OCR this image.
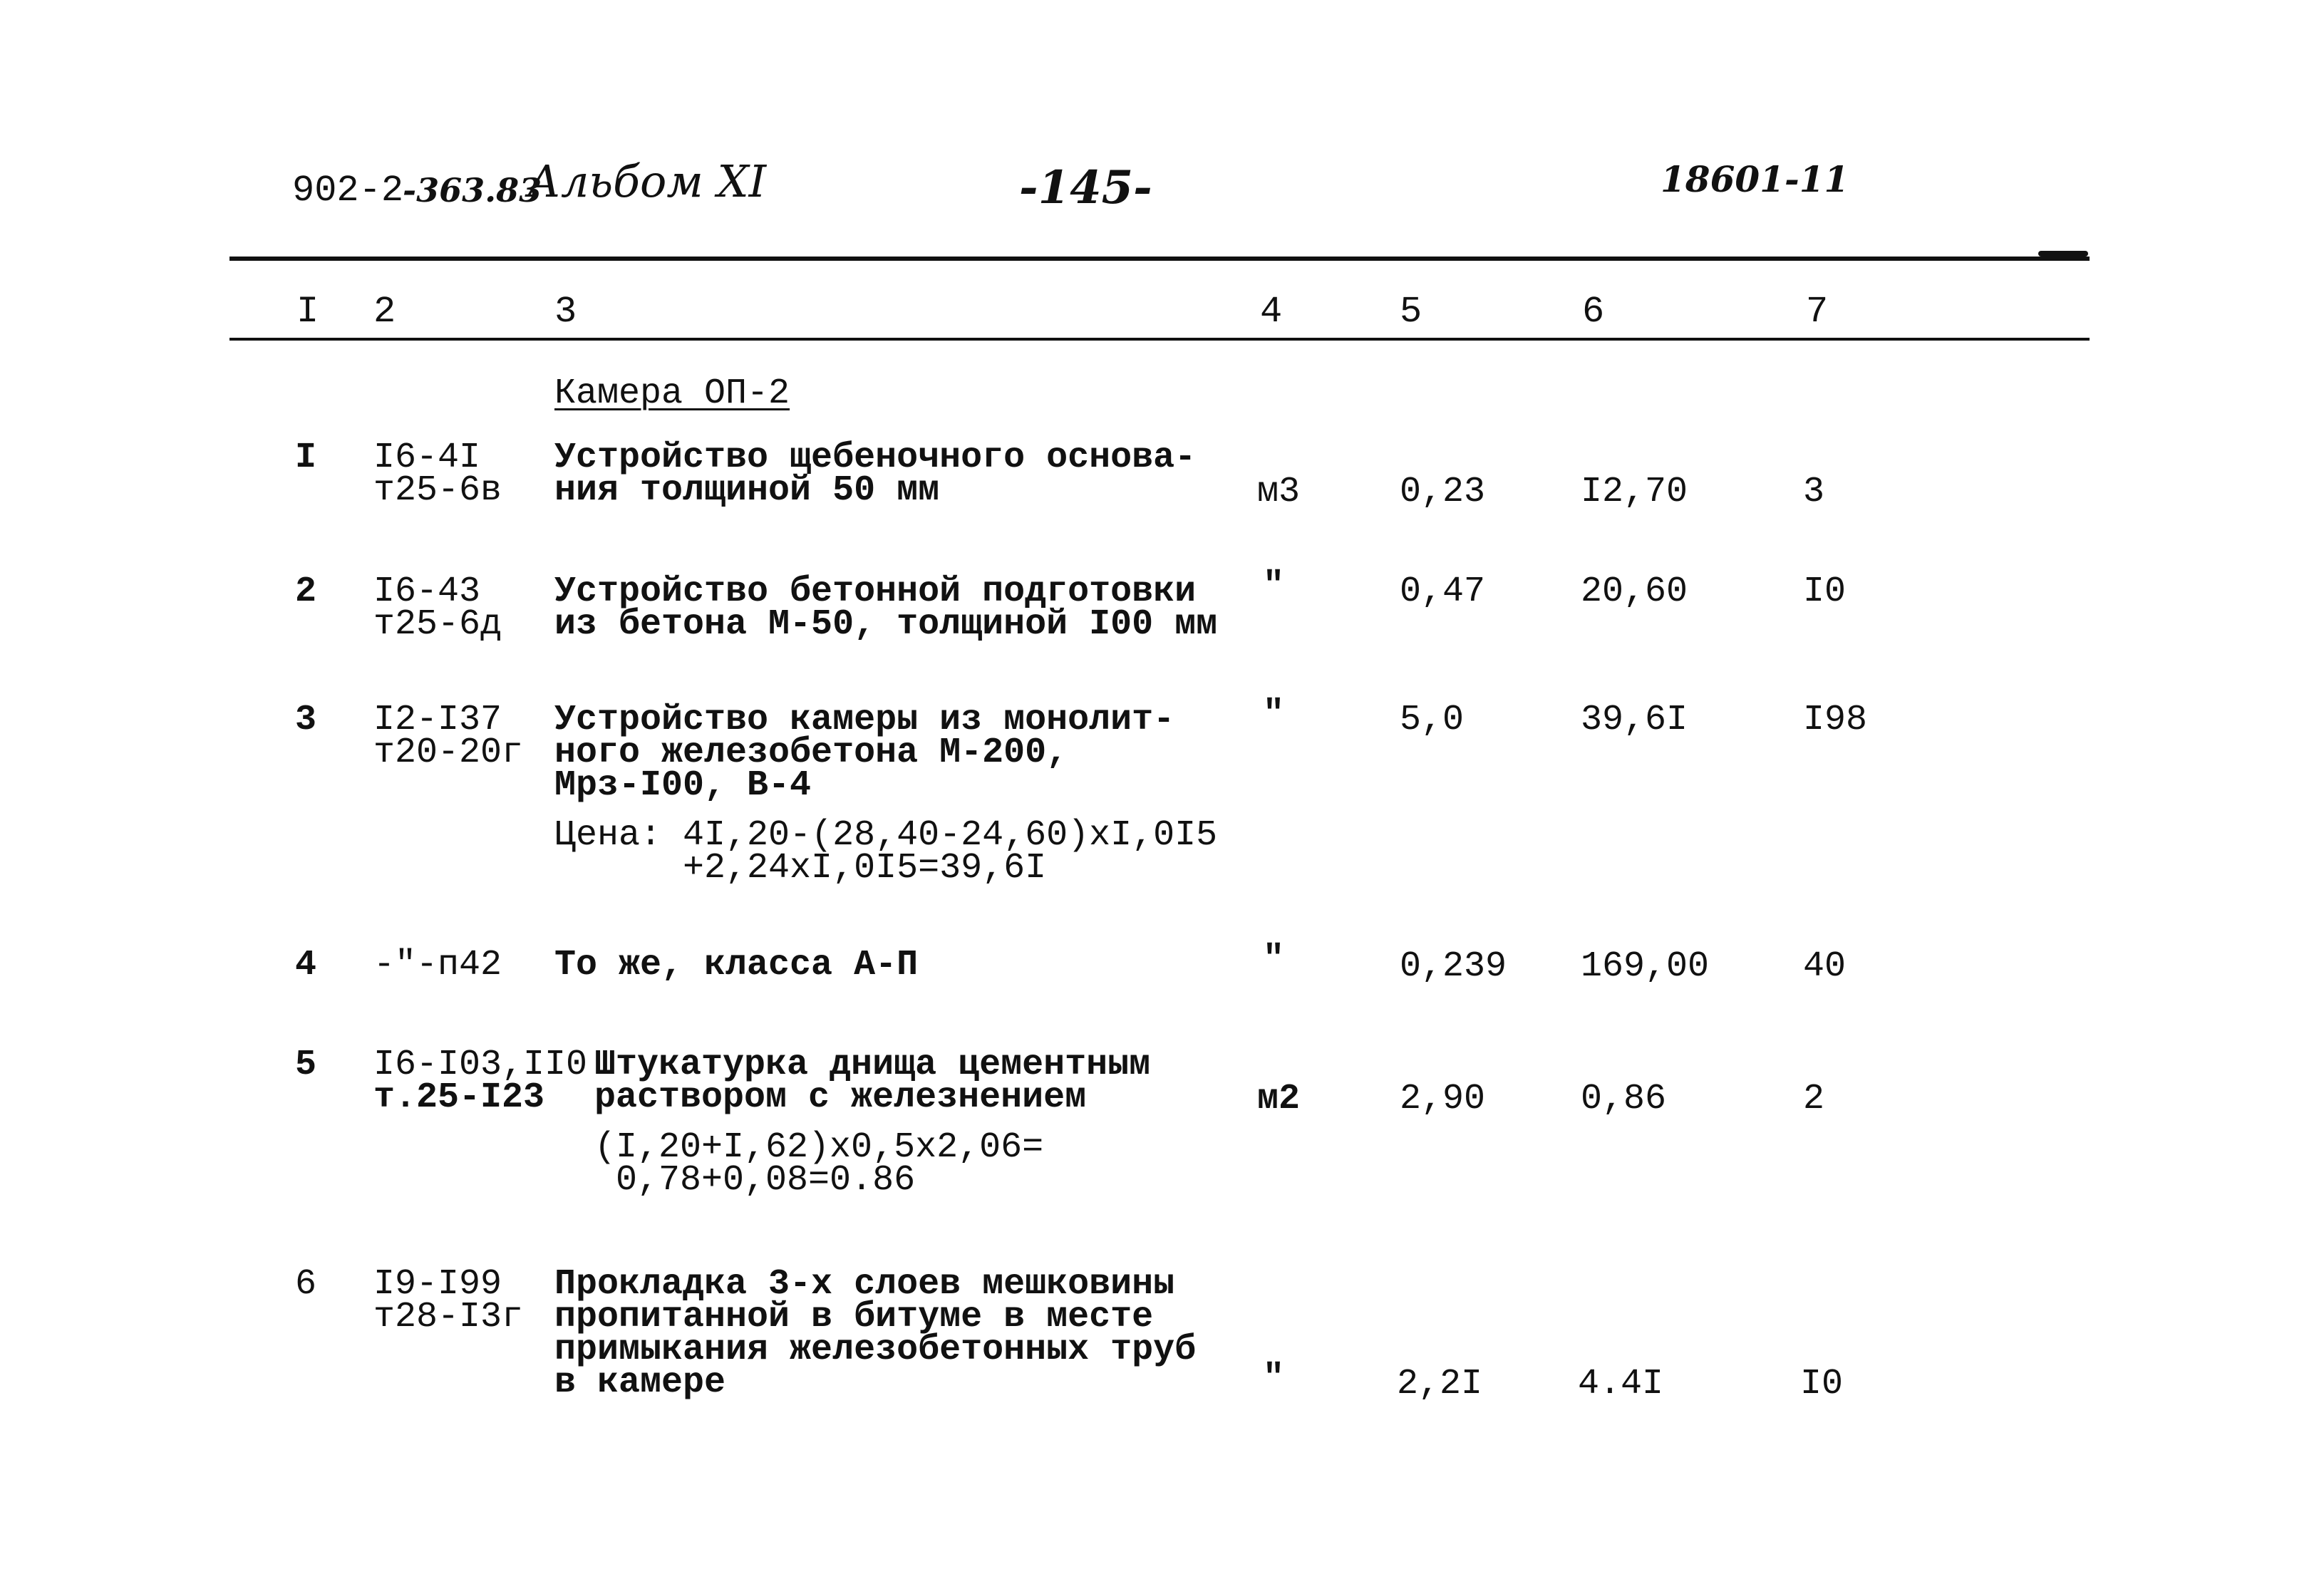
902-2
-363.83
Альбом XI	-145-	18601-11
I 2	3	4	5	6	7
Камера ОП-2
I I6-4I
т25-6в
Устройство щебеночного основа-
ния толщиной 50 мм	м3	0,23	I2,70	3
2 I6-43
т25-6д
Устройство бетонной подготовки
из бетона М-50, толщиной I00 мм
"	0,47	20,60	I0
3 I2-I37
т20-20г
Устройство камеры из монолит-
ного железобетона М-200,
Мрз-I00, В-4
Цена: 4I,20-(28,40-24,60)хI,0I5
+2,24хI,0I5=39,6I
"	5,0	39,6I	I98
4 -"-п42 То же, класса А-П	"	0,239 169,00	40
5 I6-I03,II0
т.25-I23
Штукатурка днища цементным
раствором с железнением
(I,20+I,62)х0,5х2,06=
0,78+0,08=0.86
м2	2,90	0,86	2
6 I9-I99
т28-I3г
Прокладка 3-х слоев мешковины
пропитанной в битуме в месте
примыкания железобетонных труб
в камере	"	2,2I	4.4I	I0
